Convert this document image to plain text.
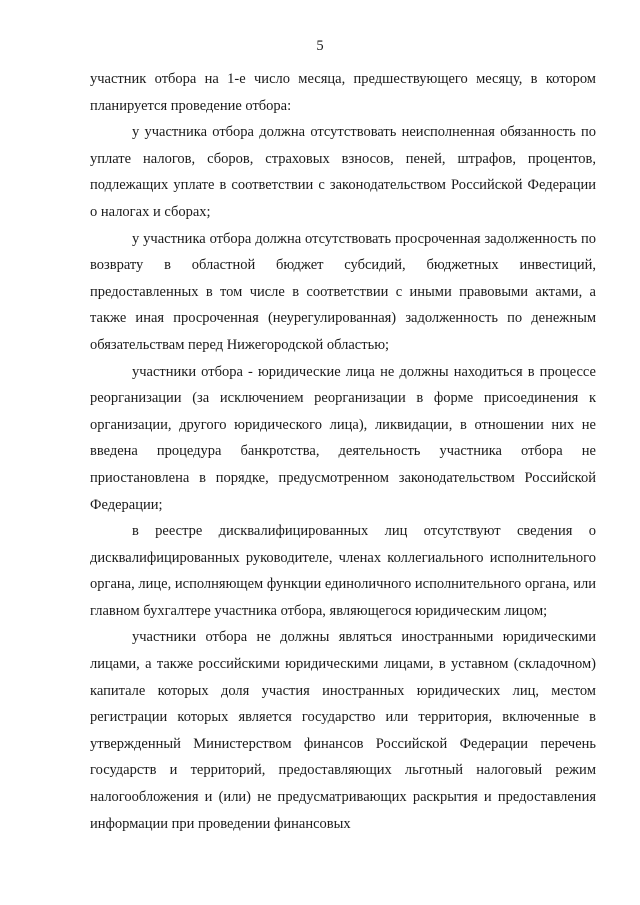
5

участник отбора на 1-е число месяца, предшествующего месяцу, в котором планируется проведение отбора:

у участника отбора должна отсутствовать неисполненная обязанность по уплате налогов, сборов, страховых взносов, пеней, штрафов, процентов, подлежащих уплате в соответствии с законодательством Российской Федерации о налогах и сборах;

у участника отбора должна отсутствовать просроченная задолженность по возврату в областной бюджет субсидий, бюджетных инвестиций, предоставленных в том числе в соответствии с иными правовыми актами, а также иная просроченная (неурегулированная) задолженность по денежным обязательствам перед Нижегородской областью;

участники отбора - юридические лица не должны находиться в процессе реорганизации (за исключением реорганизации в форме присоединения к организации, другого юридического лица), ликвидации, в отношении них не введена процедура банкротства, деятельность участника отбора не приостановлена в порядке, предусмотренном законодательством Российской Федерации;

в реестре дисквалифицированных лиц отсутствуют сведения о дисквалифицированных руководителе, членах коллегиального исполнительного органа, лице, исполняющем функции единоличного исполнительного органа, или главном бухгалтере участника отбора, являющегося юридическим лицом;

участники отбора не должны являться иностранными юридическими лицами, а также российскими юридическими лицами, в уставном (складочном) капитале которых доля участия иностранных юридических лиц, местом регистрации которых является государство или территория, включенные в утвержденный Министерством финансов Российской Федерации перечень государств и территорий, предоставляющих льготный налоговый режим налогообложения и (или) не предусматривающих раскрытия и предоставления информации при проведении финансовых
